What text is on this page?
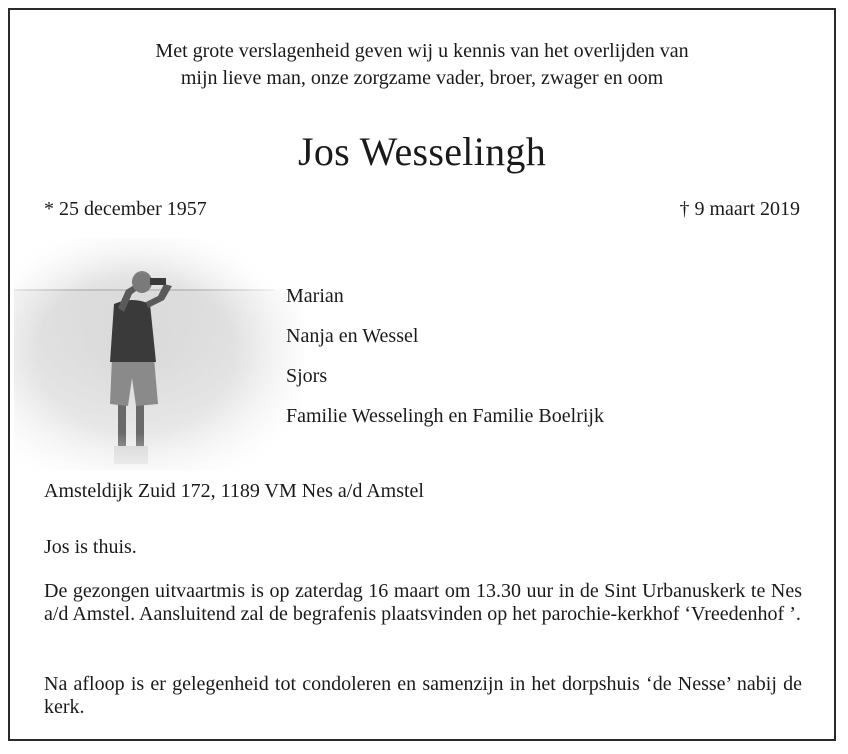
Met grote verslagenheid geven wij u kennis van het overlijden van
mijn lieve man, onze zorgzame vader, broer, zwager en oom
Jos Wesselingh
* 25 december 1957	† 9 maart 2019
Marian
Nanja en Wessel
Sjors
Familie Wesselingh en Familie Boelrijk
Amsteldijk Zuid 172, 1189 VM Nes a/d Amstel
Jos is thuis.
De gezongen uitvaartmis is op zaterdag 16 maart om 13.30 uur in de Sint Urbanuskerk te Nes a/d Amstel. Aansluitend zal de begrafenis plaatsvinden op het parochie-kerkhof ‘Vreedenhof ’.
Na afloop is er gelegenheid tot condoleren en samenzijn in het dorpshuis ‘de Nesse’ nabij de kerk.
